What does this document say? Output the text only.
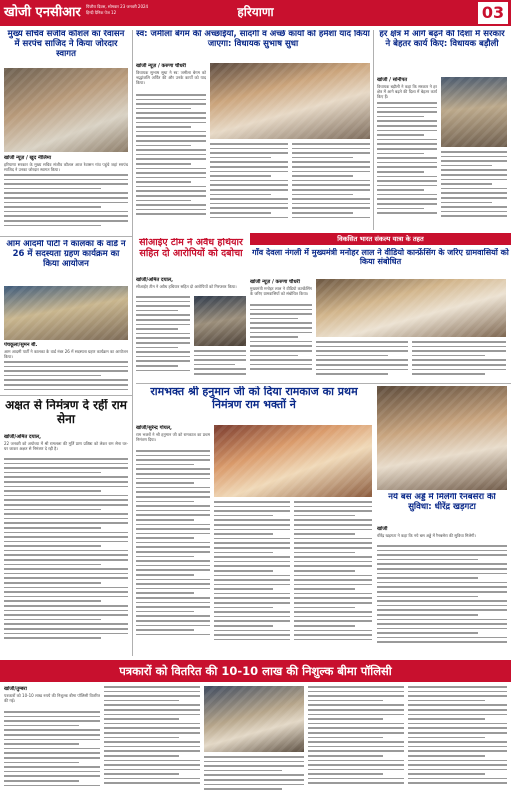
खोजी एनसीआर पिंजौरा दिवस, सोमवार 23 जनवरी 2024
हिन्दी दैनिक पेज 12	हरियाणा	03
मुख्य सचिव संजीव कौशल का रेवासन में सरपंच साजिद ने किया जोरदार स्वागत
खोजी न्यूज़ / खुद नीलिमा
हरियाणा सरकार के मुख्य सचिव संजीव कौशल आज रेवासन गांव पहुंचे जहां सरपंच साजिद ने उनका जोरदार स्वागत किया।
आम आदमी पार्टी ने कालका के वार्ड नं 26 में सदस्यता ग्रहण कार्यक्रम का किया आयोजन
पंचकूला/सुमन बी.
आम आदमी पार्टी ने कालका के वार्ड नंबर 26 में सदस्यता ग्रहण कार्यक्रम का आयोजन किया।
अक्षत से निमंत्रण दे रहीं राम सेना
खोजी/अमित दयाल,
22 जनवरी को अयोध्या में श्री रामलला की मूर्ति प्राण प्रतिष्ठा को लेकर राम सेना घर-घर जाकर अक्षत से निमंत्रण दे रही है।
स्व: जमीला बेगम की अच्छाईयाँ, सादगी व अच्छे कार्यों को हमेशा याद किया जाएगा: विधायक सुभाष सुधा
खोजी न्यूज़ / करुणा चौधरी
विधायक सुभाष सुधा ने स्व: जमीला बेगम को श्रद्धांजलि अर्पित की और उनके कार्यों को याद किया।
हर क्षेत्र में आगे बढ़ने की दिशा में सरकार ने बेहतर कार्य किए: विधायक बड़ौली
खोजी / सोनीपत
विधायक बड़ौली ने कहा कि सरकार ने हर क्षेत्र में आगे बढ़ने की दिशा में बेहतर कार्य किए हैं।
सीआईए टीम ने अवैध हथियार सहित दो आरोपियों को दबोचा
खोजी/अमित दयाल,
सीआईए टीम ने अवैध हथियार सहित दो आरोपियों को गिरफ्तार किया।
विकसित भारत संकल्प यात्रा के तहत
गाँव देवला नंगली में मुख्यमंत्री मनोहर लाल ने वीडियो कान्फ्रेंसिंग के जरिए ग्रामवासियों को किया संबोधित
खोजी न्यूज़ / करुणा चौधरी
मुख्यमंत्री मनोहर लाल ने वीडियो कान्फ्रेंसिंग के जरिए ग्रामवासियों को संबोधित किया।
रामभक्त श्री हनुमान जी को दिया रामकाज का प्रथम निमंत्रण राम भक्तों ने
खोजी/सुरेन्द्र गोयल,
राम भक्तों ने श्री हनुमान जी को रामकाज का प्रथम निमंत्रण दिया।
नये बस अड्डे में मिलेगी रैनबसेरा की सुविधा: धीरेंद्र खड़गटा
खोजी
धीरेंद्र खड़गटा ने कहा कि नये बस अड्डे में रैनबसेरा की सुविधा मिलेगी।
पत्रकारों को वितरित की 10-10 लाख की निशुल्क बीमा पॉलिसी
खोजी/तुम्बरा
पत्रकारों को 10-10 लाख रुपये की निशुल्क बीमा पॉलिसी वितरित की गई।
